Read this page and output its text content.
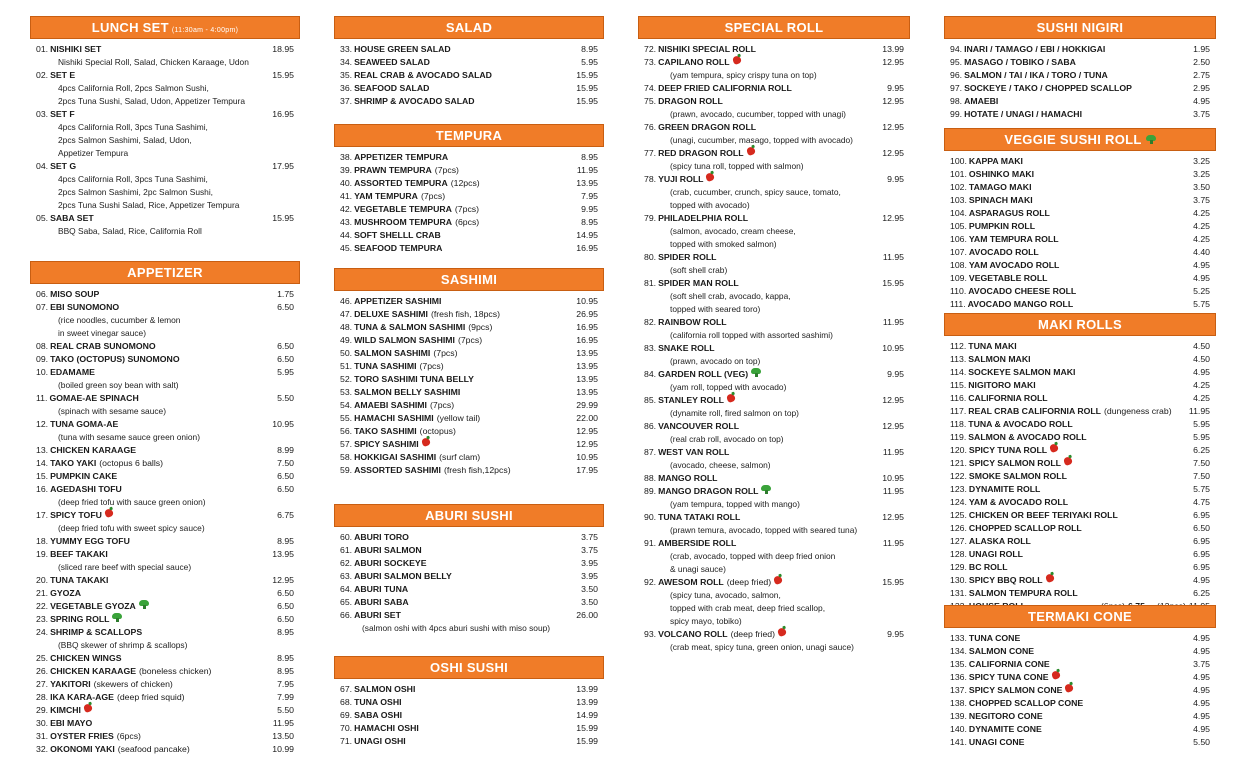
LUNCH SET (11:30am - 4:00pm)
01. NISHIKI SET	18.95
Nishiki Special Roll, Salad, Chicken Karaage, Udon
02. SET E	15.95
4pcs California Roll, 2pcs Salmon Sushi,
2pcs Tuna Sushi, Salad, Udon, Appetizer Tempura
03. SET F	16.95
4pcs California Roll, 3pcs Tuna Sashimi,
2pcs Salmon Sashimi, Salad, Udon,
Appetizer Tempura
04. SET G	17.95
4pcs California Roll, 3pcs Tuna Sashimi,
2pcs Salmon Sashimi, 2pc Salmon Sushi,
2pcs Tuna Sushi Salad, Rice, Appetizer Tempura
05. SABA SET	15.95
BBQ Saba, Salad, Rice, California Roll
APPETIZER
06. MISO SOUP	1.75
07. EBI SUNOMONO	6.50
(rice noodles, cucumber & lemon
in sweet vinegar sauce)
08. REAL CRAB SUNOMONO	6.50
09. TAKO (OCTOPUS) SUNOMONO	6.50
10. EDAMAME	5.95
(boiled green soy bean with salt)
11. GOMAE-AE SPINACH	5.50
(spinach with sesame sauce)
12. TUNA GOMA-AE	10.95
(tuna with sesame sauce green onion)
13. CHICKEN KARAAGE	8.99
14. TAKO YAKI (octopus 6 balls)	7.50
15. PUMPKIN CAKE	6.50
16. AGEDASHI TOFU	6.50
(deep fried tofu with sauce green onion)
17. SPICY TOFU	6.75
(deep fried tofu with sweet spicy sauce)
18. YUMMY EGG TOFU	8.95
19. BEEF TAKAKI	13.95
(sliced rare beef with special sauce)
20. TUNA TAKAKI	12.95
21. GYOZA	6.50
22. VEGETABLE GYOZA	6.50
23. SPRING ROLL	6.50
24. SHRIMP & SCALLOPS	8.95
(BBQ skewer of shrimp & scallops)
25. CHICKEN WINGS	8.95
26. CHICKEN KARAAGE (boneless chicken)	8.95
27. YAKITORI (skewers of chicken)	7.95
28. IKA KARA-AGE (deep fried squid)	7.99
29. KIMCHI	5.50
30. EBI MAYO	11.95
31. OYSTER FRIES (6pcs)	13.50
32. OKONOMI YAKI (seafood pancake)	10.99
SALAD
33. HOUSE GREEN SALAD	8.95
34. SEAWEED SALAD	5.95
35. REAL CRAB & AVOCADO SALAD	15.95
36. SEAFOOD SALAD	15.95
37. SHRIMP & AVOCADO SALAD	15.95
TEMPURA
38. APPETIZER TEMPURA	8.95
39. PRAWN TEMPURA (7pcs)	11.95
40. ASSORTED TEMPURA (12pcs)	13.95
41. YAM TEMPURA (7pcs)	7.95
42. VEGETABLE TEMPURA (7pcs)	9.95
43. MUSHROOM TEMPURA (6pcs)	8.95
44. SOFT SHELLL CRAB	14.95
45. SEAFOOD TEMPURA	16.95
SASHIMI
46. APPETIZER SASHIMI	10.95
47. DELUXE SASHIMI (fresh fish, 18pcs)	26.95
48. TUNA & SALMON SASHIMI (9pcs)	16.95
49. WILD SALMON SASHIMI (7pcs)	16.95
50. SALMON SASHIMI (7pcs)	13.95
51. TUNA SASHIMI (7pcs)	13.95
52. TORO SASHIMI TUNA BELLY	13.95
53. SALMON BELLY SASHIMI	13.95
54. AMAEBI SASHIMI (7pcs)	29.99
55. HAMACHI SASHIMI (yellow tail)	22.00
56. TAKO SASHIMI (octopus)	12.95
57. SPICY SASHIMI	12.95
58. HOKKIGAI SASHIMI (surf clam)	10.95
59. ASSORTED SASHIMI (fresh fish,12pcs)	17.95
ABURI SUSHI
60. ABURI TORO	3.75
61. ABURI SALMON	3.75
62. ABURI SOCKEYE	3.95
63. ABURI SALMON BELLY	3.95
64. ABURI TUNA	3.50
65. ABURI SABA	3.50
66. ABURI SET	26.00
(salmon oshi with 4pcs aburi sushi with miso soup)
OSHI SUSHI
67. SALMON OSHI	13.99
68. TUNA OSHI	13.99
69. SABA OSHI	14.99
70. HAMACHI OSHI	15.99
71. UNAGI OSHI	15.99
SPECIAL ROLL
72. NISHIKI SPECIAL ROLL	13.99
73. CAPILANO ROLL	12.95
(yam tempura, spicy crispy tuna on top)
74. DEEP FRIED CALIFORNIA ROLL	9.95
75. DRAGON ROLL	12.95
(prawn, avocado, cucumber, topped with unagi)
76. GREEN DRAGON ROLL	12.95
(unagi, cucumber, masago, topped with avocado)
77. RED DRAGON ROLL	12.95
(spicy tuna roll, topped with salmon)
78. YUJI ROLL	9.95
(crab, cucumber, crunch, spicy sauce, tomato,
topped with avocado)
79. PHILADELPHIA ROLL	12.95
(salmon, avocado, cream cheese,
topped with smoked salmon)
80. SPIDER ROLL	11.95
(soft shell crab)
81. SPIDER MAN ROLL	15.95
(soft shell crab, avocado, kappa,
topped with seared toro)
82. RAINBOW ROLL	11.95
(california roll topped with assorted sashimi)
83. SNAKE ROLL	10.95
(prawn, avocado on top)
84. GARDEN ROLL (VEG)	9.95
(yam roll, topped with avocado)
85. STANLEY ROLL	12.95
(dynamite roll, fired salmon on top)
86. VANCOUVER ROLL	12.95
(real crab roll, avocado on top)
87. WEST VAN ROLL	11.95
(avocado, cheese, salmon)
88. MANGO ROLL	10.95
89. MANGO DRAGON ROLL	11.95
(yam tempura, topped with mango)
90. TUNA TATAKI ROLL	12.95
(prawn temura, avocado, topped with seared tuna)
91. AMBERSIDE ROLL	11.95
(crab, avocado, topped with deep fried onion
& unagi sauce)
92. AWESOM ROLL (deep fried)	15.95
(spicy tuna, avocado, salmon,
topped with crab meat, deep fried scallop,
spicy mayo, tobiko)
93. VOLCANO ROLL (deep fried)	9.95
(crab meat, spicy tuna, green onion, unagi sauce)
SUSHI NIGIRI
94. INARI / TAMAGO / EBI / HOKKIGAI	1.95
95. MASAGO / TOBIKO / SABA	2.50
96. SALMON / TAI / IKA / TORO / TUNA	2.75
97. SOCKEYE / TAKO / CHOPPED SCALLOP	2.95
98. AMAEBI	4.95
99. HOTATE / UNAGI / HAMACHI	3.75
VEGGIE SUSHI ROLL
100. KAPPA MAKI	3.25
101. OSHINKO MAKI	3.25
102. TAMAGO MAKI	3.50
103. SPINACH MAKI	3.75
104. ASPARAGUS ROLL	4.25
105. PUMPKIN ROLL	4.25
106. YAM TEMPURA ROLL	4.25
107. AVOCADO ROLL	4.40
108. YAM AVOCADO ROLL	4.95
109. VEGETABLE ROLL	4.95
110. AVOCADO CHEESE ROLL	5.25
111. AVOCADO MANGO ROLL	5.75
MAKI ROLLS
112. TUNA MAKI	4.50
113. SALMON MAKI	4.50
114. SOCKEYE SALMON MAKI	4.95
115. NIGITORO MAKI	4.25
116. CALIFORNIA ROLL	4.25
117. REAL CRAB CALIFORNIA ROLL (dungeness crab) 11.95
118. TUNA & AVOCADO ROLL	5.95
119. SALMON & AVOCADO ROLL	5.95
120. SPICY TUNA ROLL	6.25
121. SPICY SALMON ROLL	7.50
122. SMOKE SALMON ROLL	7.50
123. DYNAMITE ROLL	5.75
124. YAM & AVOCADO ROLL	4.75
125. CHICKEN OR BEEF TERIYAKI ROLL	6.95
126. CHOPPED SCALLOP ROLL	6.50
127. ALASKA ROLL	6.95
128. UNAGI ROLL	6.95
129. BC ROLL	6.95
130. SPICY BBQ ROLL	4.95
131. SALMON TEMPURA ROLL	6.25
TERMAKI CONE
133. TUNA CONE	4.95
134. SALMON CONE	4.95
135. CALIFORNIA CONE	3.75
136. SPICY TUNA CONE	4.95
137. SPICY SALMON CONE	4.95
138. CHOPPED SCALLOP CONE	4.95
139. NEGITORO CONE	4.95
140. DYNAMITE CONE	4.95
141. UNAGI CONE	5.50
